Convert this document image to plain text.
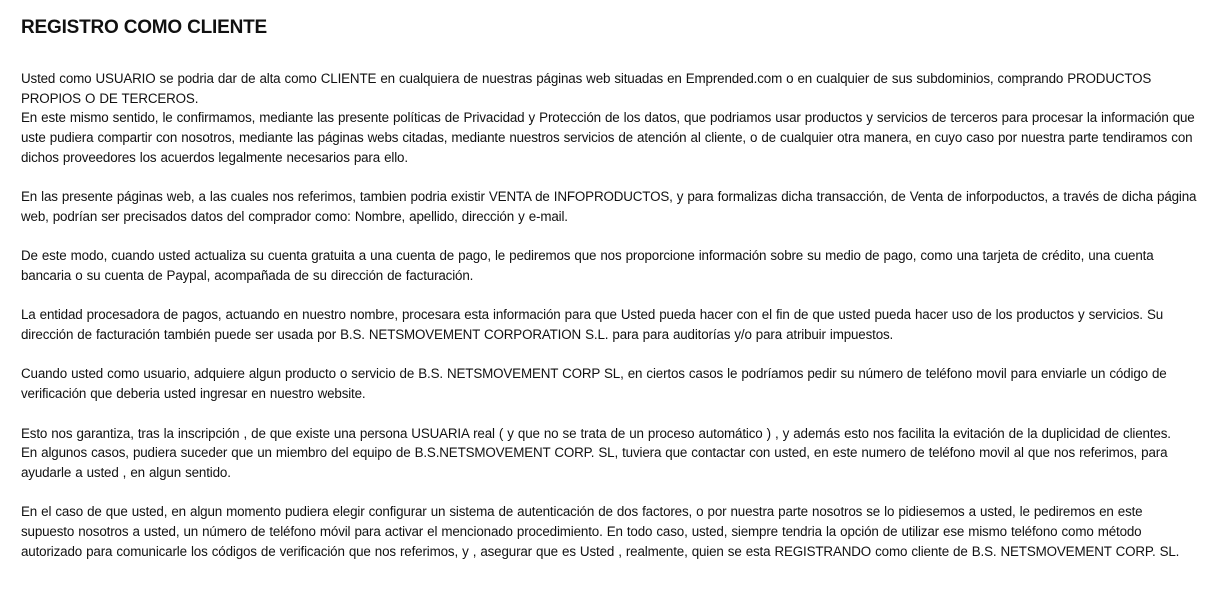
REGISTRO COMO CLIENTE

Usted como USUARIO se podria dar de alta como CLIENTE en cualquiera de nuestras páginas web situadas en Emprended.com o en cualquier de sus subdominios, comprando PRODUCTOS PROPIOS O DE TERCEROS.
En este mismo sentido, le confirmamos, mediante las presente políticas de Privacidad y Protección de los datos, que podriamos usar productos y servicios de terceros para procesar la información que uste pudiera compartir con nosotros, mediante las páginas webs citadas, mediante nuestros servicios de atención al cliente, o de cualquier otra manera, en cuyo caso por nuestra parte tendiramos con dichos proveedores los acuerdos legalmente necesarios para ello.

En las presente páginas web, a las cuales nos referimos, tambien podria existir VENTA de INFOPRODUCTOS, y para formalizas dicha transacción, de Venta de inforpoductos, a través de dicha página web, podrían ser precisados datos del comprador como: Nombre, apellido, dirección y e-mail.

De este modo, cuando usted actualiza su cuenta gratuita a una cuenta de pago, le pediremos que nos proporcione información sobre su medio de pago, como una tarjeta de crédito, una cuenta bancaria o su cuenta de Paypal, acompañada de su dirección de facturación.

La entidad procesadora de pagos, actuando en nuestro nombre, procesara esta información para que Usted pueda hacer con el fin de que usted pueda hacer uso de los productos y servicios. Su dirección de facturación también puede ser usada por B.S. NETSMOVEMENT CORPORATION S.L. para para auditorías y/o para atribuir impuestos.

Cuando usted como usuario, adquiere algun producto o servicio de B.S. NETSMOVEMENT CORP SL, en ciertos casos le podríamos pedir su número de teléfono movil para enviarle un código de verificación que deberia usted ingresar en nuestro website.

Esto nos garantiza, tras la inscripción , de que existe una persona USUARIA real ( y que no se trata de un proceso automático ) , y además esto nos facilita la evitación de la duplicidad de clientes.
En algunos casos, pudiera suceder que un miembro del equipo de B.S.NETSMOVEMENT CORP. SL, tuviera que contactar con usted, en este numero de teléfono movil al que nos referimos, para ayudarle a usted , en algun sentido.

En el caso de que usted, en algun momento pudiera elegir configurar un sistema de autenticación de dos factores, o por nuestra parte nosotros se lo pidiesemos a usted, le pediremos en este supuesto nosotros a usted, un número de teléfono móvil para activar el mencionado procedimiento. En todo caso, usted, siempre tendria la opción de utilizar ese mismo teléfono como método autorizado para comunicarle los códigos de verificación que nos referimos, y , asegurar que es Usted , realmente, quien se esta REGISTRANDO como cliente de B.S. NETSMOVEMENT CORP. SL.
